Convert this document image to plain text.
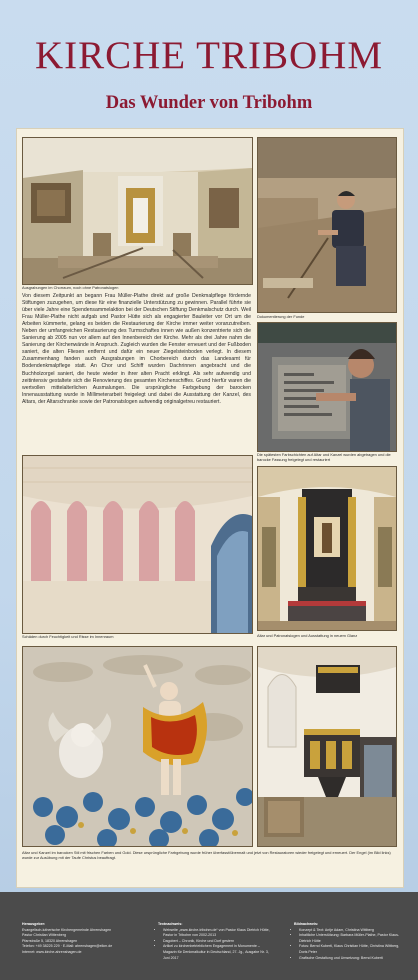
KIRCHE TRIBOHM
Das Wunder von Tribohm
Ausgrabungen im Chorraum, noch ohne Patronatslogen

Von diesem Zeitpunkt an begann Frau Müller-Plathe direkt auf große Denkmalpflege fördernde Stiftungen zuzugehen, um diese für eine finanzielle Unterstützung zu gewinnen. Parallel führte sie über viele Jahre eine Spendensammelaktion bei der Deutschen Stiftung Denkmalschutz durch. Weil Frau Müller-Plathe nicht aufgab und Pastor Hütte sich als engagierter Bauleiter vor Ort um die Arbeiten kümmerte, gelang es beiden die Restaurierung der Kirche immer weiter voranzutreiben. Neben der umfangreichen Restaurierung des Turmschaftes innen wie außen konzentrierte sich die Sanierung ab 2005 nun vor allem auf den Innenbereich der Kirche. Mehr als drei Jahre nahm die Sanierung der Kirchenwände in Anspruch. Zugleich wurden die Fenster erneuert und der Fußboden saniert, die alten Fliesen entfernt und dafür ein neuer Ziegelsteinboden verlegt. In diesem Zusammenhang fanden auch Ausgrabungen im Chorbereich durch das Landesamt für Bodendenkmalpflege statt. An Chor und Schiff wurden Dachrinnen angebracht und die Buchholzorgel saniert, die heute wieder in ihrer alten Pracht erklingt. Als sehr aufwendig und zeitintensiv gestaltete sich die Renovierung des gesamten Kirchenschiffes. Grund hierfür waren die wertvollen mittelalterlichen Ausmalungen. Die ursprüngliche Farbgebung der barocken Innenausstattung wurde in Millimeterarbeit freigelegt und dabei die Ausstattung der Kanzel, des Altars, der Altarschranke sowie der Patronatslogen aufwendig originalgetreu restauriert.

Dokumentierung der Funde
Die spätesten Farbschichten auf Altar und Kanzel wurden abgetragen und die barocke Fassung freigelegt und restauriert
Schäden durch Feuchtigkeit und Risse im Innenraum	Altar und Patronatslogen und Ausstattung in neuem Glanz
Altar und Kanzel im barocken Stil mit frischen Farben und Gold. Diese ursprüngliche Farbgebung wurde früher überfasst/übermalt und jetzt von Restauratoren wieder freigelegt und erneuert. Der Engel (im Bild links) wurde zur Ausübung mit der Taufe Christus beauftragt.
Herausgeber:
Evangelisch-lutherische Kirchengemeinde Ahrenshagen
Pastor Christian Wittenberg
Pfarrstraße 5, 18320 Ahrenshagen
Telefon: +49 38225 229 · E-Mail: ahrenshagen@elkm.de
Internet: www.kirche-ahrenshagen.de
Textnachweis:
• Webseite „www.kirche-tribohm.de“ von Pastor Klaus Dietrich Hütte, Pastor in Tribohm von 2002-2013
• Dagobert – Chronik, Kirche und Dorf gestern
• Artikel zu kirchenbetrieblichem Engagement in Monumente – Magazin für Denkmalkultur in Deutschland, 27. Jg., Ausgabe Nr. 3, Juni 2017
Bildnachweis:
• Konzept & Text: Antje Adam, Christina Wittberg
• Inhaltliche Unterstützung: Barbara Müller-Plathe, Pastor Klaus-Dietrich Hütte
• Fotos: Bernd Kuberti, Klaus Christian Hütte, Christina Wittberg, Doris Peter
• Grafische Gestaltung und Umsetzung: Bernd Kuberti
